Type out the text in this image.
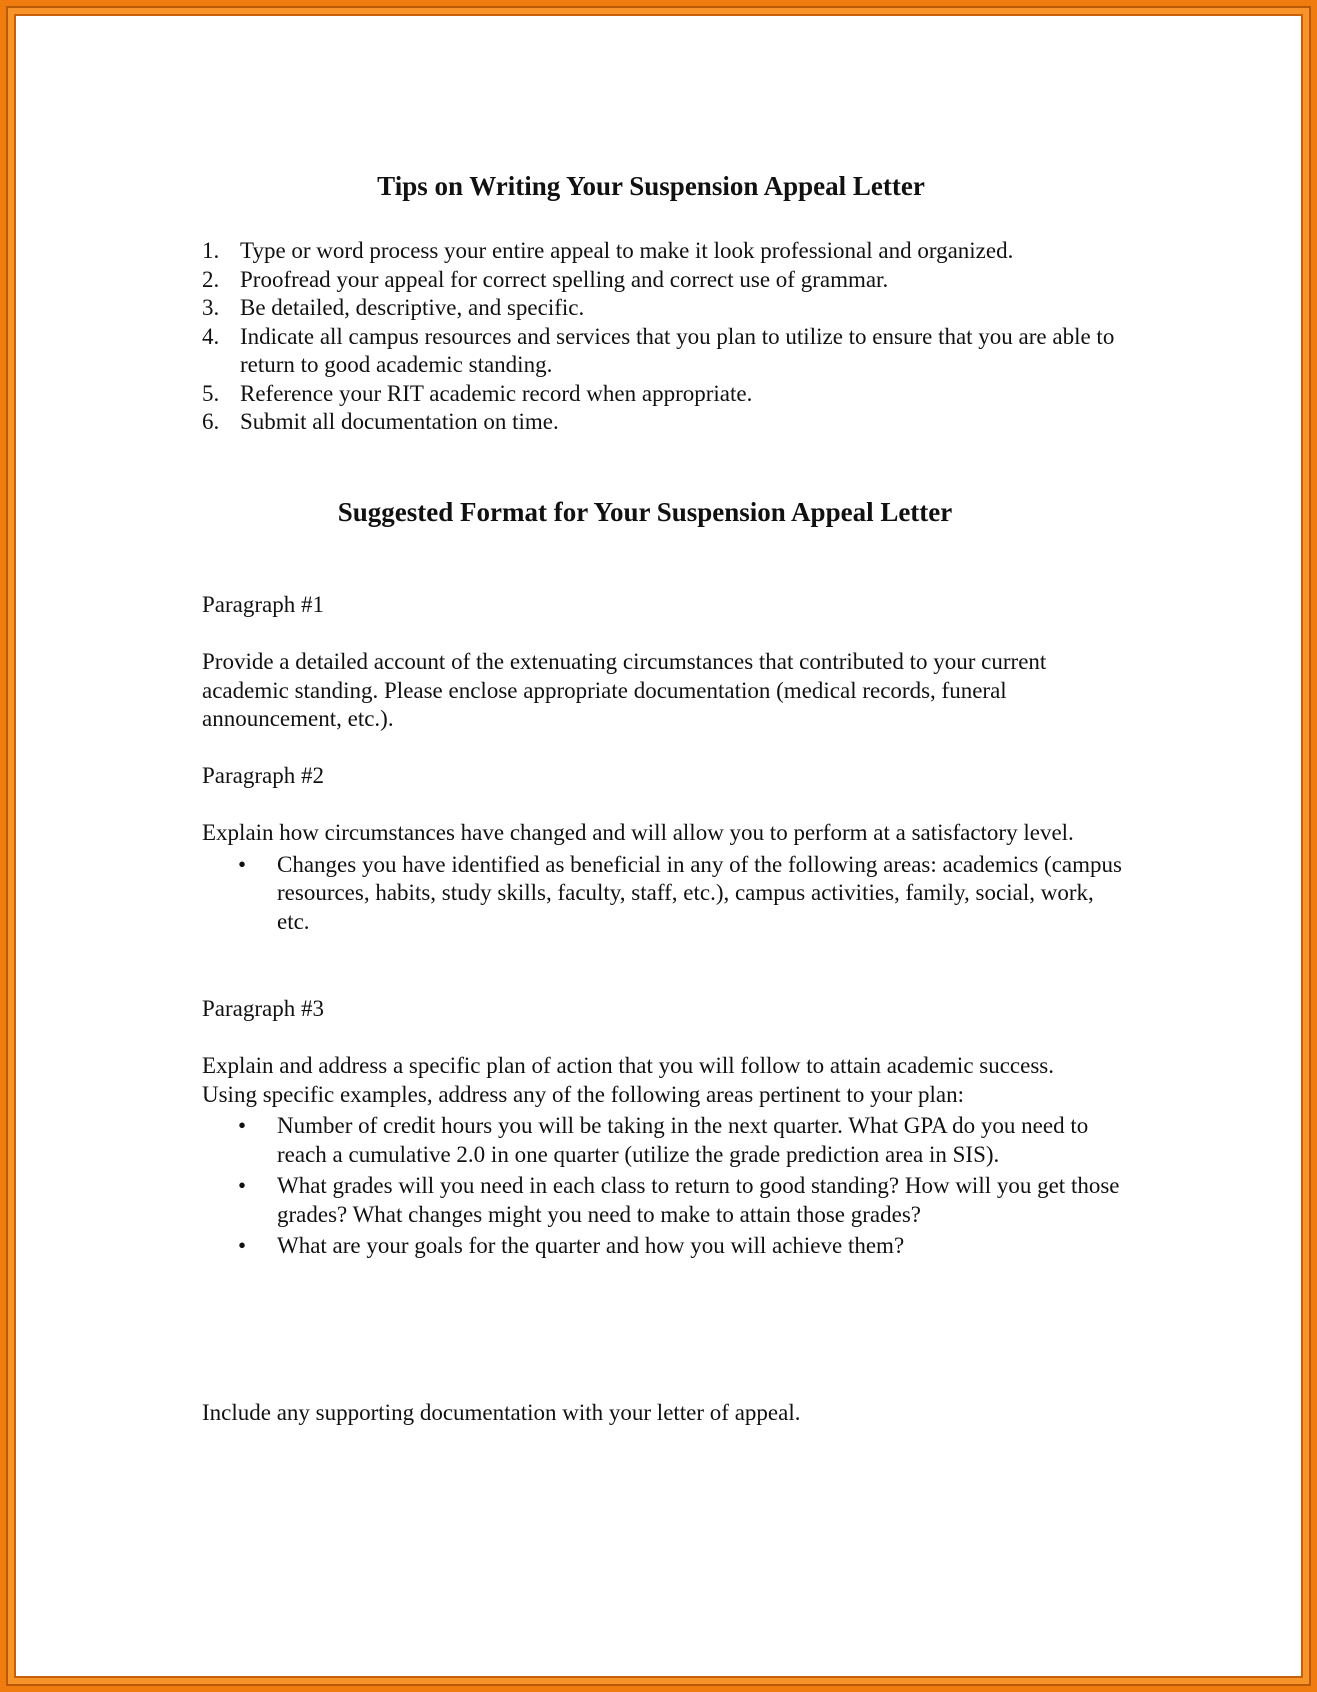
Tips on Writing Your Suspension Appeal Letter
1. Type or word process your entire appeal to make it look professional and organized.
2. Proofread your appeal for correct spelling and correct use of grammar.
3. Be detailed, descriptive, and specific.
4. Indicate all campus resources and services that you plan to utilize to ensure that you are able to return to good academic standing.
5. Reference your RIT academic record when appropriate.
6. Submit all documentation on time.
Suggested Format for Your Suspension Appeal Letter

Paragraph #1

Provide a detailed account of the extenuating circumstances that contributed to your current academic standing. Please enclose appropriate documentation (medical records, funeral announcement, etc.).

Paragraph #2

Explain how circumstances have changed and will allow you to perform at a satisfactory level.

• Changes you have identified as beneficial in any of the following areas: academics (campus resources, habits, study skills, faculty, staff, etc.), campus activities, family, social, work, etc.

Paragraph #3

Explain and address a specific plan of action that you will follow to attain academic success. Using specific examples, address any of the following areas pertinent to your plan:

• Number of credit hours you will be taking in the next quarter. What GPA do you need to reach a cumulative 2.0 in one quarter (utilize the grade prediction area in SIS).
• What grades will you need in each class to return to good standing? How will you get those grades? What changes might you need to make to attain those grades?
• What are your goals for the quarter and how you will achieve them?

Include any supporting documentation with your letter of appeal.
